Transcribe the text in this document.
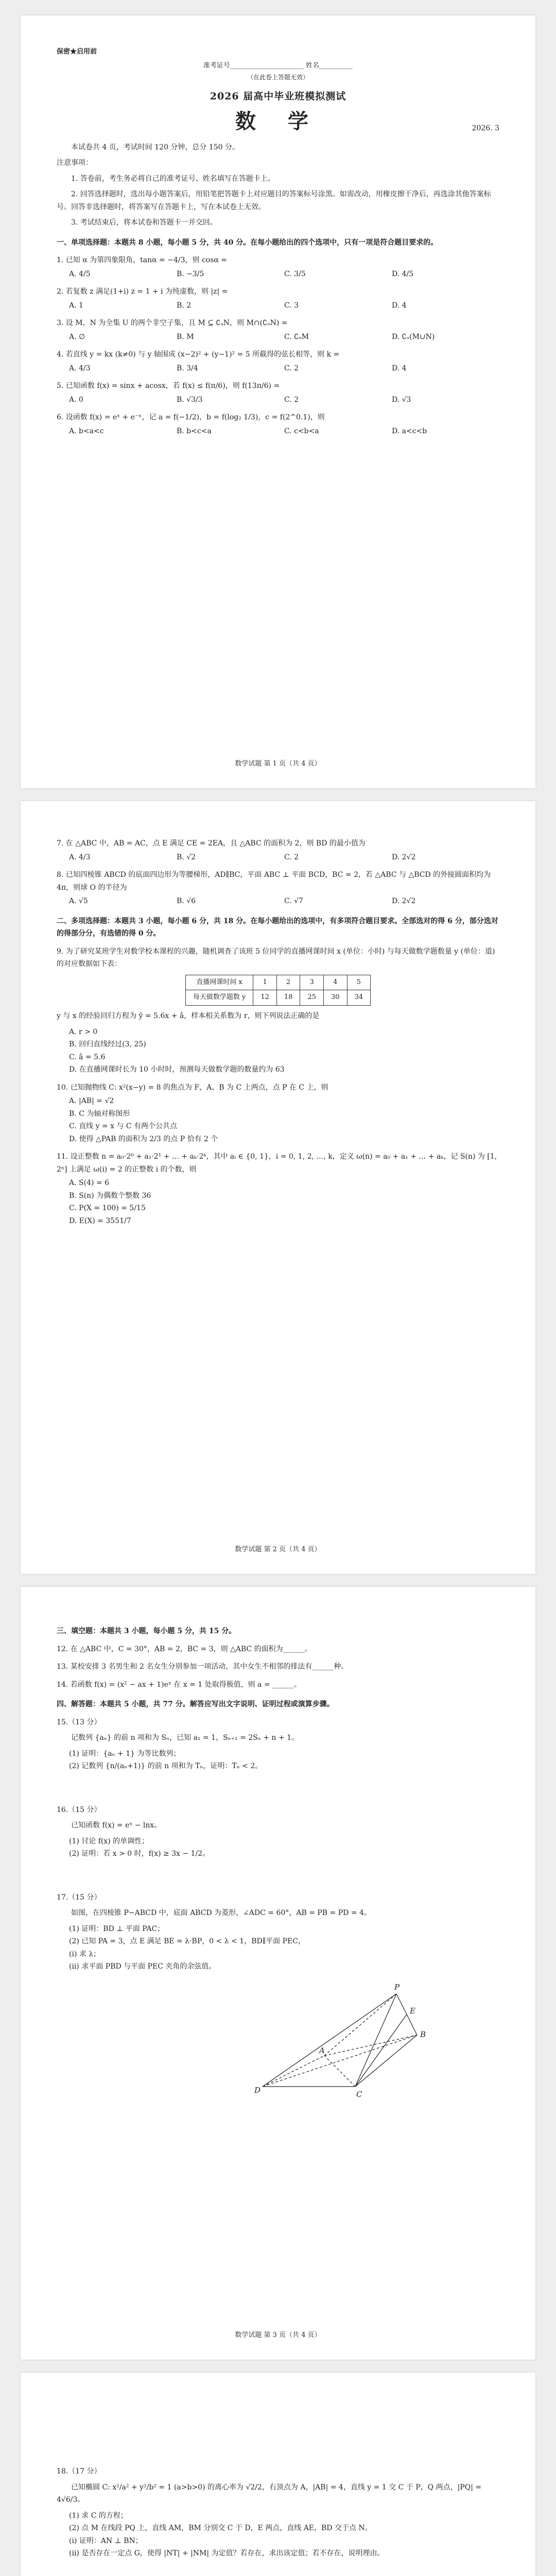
保密★启用前
准考证号______________________ 姓名__________
（在此卷上答题无效）
2026 届高中毕业班模拟测试
数 学	2026. 3
本试卷共 4 页，考试时间 120 分钟，总分 150 分。
注意事项：
1. 答卷前，考生务必将自己的准考证号、姓名填写在答题卡上。
2. 回答选择题时，选出每小题答案后，用铅笔把答题卡上对应题目的答案标号涂黑。如需改动，用橡皮擦干净后，再选涂其他答案标号。回答非选择题时，将答案写在答题卡上，写在本试卷上无效。
3. 考试结束后，将本试卷和答题卡一并交回。
一、单项选择题：本题共 8 小题，每小题 5 分，共 40 分。在每小题给出的四个选项中，只有一项是符合题目要求的。
1. 已知 α 为第四象限角，tanα = −4/3，则 cosα =
A. 4/5	B. −3/5	C. 3/5	D. 4/5
2. 若复数 z 满足(1+i) z = 1 + i 为纯虚数，则 |z| =
A. 1	B. 2	C. 3	D. 4
3. 设 M，N 为全集 U 的两个非空子集，且 M ⊆ ∁ᵤN，则 M∩(∁ᵤN) =
A. ∅	B. M	C. ∁ᵤM	D. ∁ᵤ(M∪N)
4. 若直线 y = kx (k≠0) 与 y 轴围成 (x−2)² + (y−1)² = 5 所截得的弦长相等，则 k =
A. 4/3	B. 3/4	C. 2	D. 4
5. 已知函数 f(x) = sinx + acosx，若 f(x) ≤ f(π/6)，则 f(13π/6) =
A. 0	B. √3/3	C. 2	D. √3
6. 设函数 f(x) = eˣ + e⁻ˣ，记 a = f(−1/2)，b = f(log₂ 1/3)，c = f(2^0.1)，则
A. b<a<c	B. b<c<a	C. c<b<a	D. a<c<b
数学试题 第 1 页（共 4 页）
7. 在 △ABC 中，AB = AC，点 E 满足 CE = 2EA，且 △ABC 的面积为 2，则 BD 的最小值为
A. 4/3	B. √2	C. 2	D. 2√2
8. 已知四棱锥 ABCD 的底面四边形为等腰梯形，AD∥BC，平面 ABC ⊥ 平面 BCD，BC = 2，若 △ABC 与 △BCD 的外接圆面积均为 4π，则球 O 的半径为
A. √5	B. √6	C. √7	D. 2√2
二、多项选择题：本题共 3 小题，每小题 6 分，共 18 分。在每小题给出的选项中，有多项符合题目要求。全部选对的得 6 分，部分选对的得部分分，有选错的得 0 分。
9. 为了研究某班学生对数学校本课程的兴趣，随机调查了该班 5 位同学的直播网课时间 x (单位：小时) 与每天做数学题数量 y (单位：道) 的对应数据如下表：
直播网课时间 x	1	2	3	4	5
每天做数学题数 y	12	18	25	30	34
y 与 x 的经验回归方程为 ŷ = 5.6x + â，样本相关系数为 r，则下列说法正确的是
A. r > 0
B. 回归直线经过(3, 25)
C. â = 5.6
D. 在直播网课时长为 10 小时时，预测每天做数学题的数量约为 63
10. 已知抛物线 C: x²(x−y) = 8 的焦点为 F，A、B 为 C 上两点，点 P 在 C 上，则
A. |AB| = √2
B. C 为轴对称图形
C. 直线 y = x 与 C 有两个公共点
D. 使得 △PAB 的面积为 2/3 的点 P 恰有 2 个
11. 设正整数 n = a₀·2⁰ + a₁·2¹ + … + aₖ·2ᵏ，其中 aᵢ ∈ {0, 1}，i = 0, 1, 2, …, k，定义 ω(n) = a₀ + a₁ + … + aₖ，记 S(n) 为 [1, 2ⁿ] 上满足 ω(i) = 2 的正整数 i 的个数，则
A. S(4) = 6
B. S(n) 为偶数个整数 36
C. P(X = 100) = 5/15
D. E(X) = 3551/7
数学试题 第 2 页（共 4 页）
三、填空题：本题共 3 小题，每小题 5 分，共 15 分。
12. 在 △ABC 中，C = 30°，AB = 2，BC = 3，则 △ABC 的面积为______。
13. 某校安排 3 名男生和 2 名女生分别参加一项活动，其中女生不相邻的排法有______种。
14. 若函数 f(x) = (x² − ax + 1)eˣ 在 x = 1 处取得极值，则 a = ______。
四、解答题：本题共 5 小题，共 77 分。解答应写出文字说明、证明过程或演算步骤。
15.（13 分）
记数列 {aₙ} 的前 n 项和为 Sₙ，已知 a₁ = 1，Sₙ₊₁ = 2Sₙ + n + 1。
(1) 证明：{aₙ + 1} 为等比数列；
(2) 记数列 {n/(aₙ+1)} 的前 n 项和为 Tₙ，证明：Tₙ < 2。
16.（15 分）
已知函数 f(x) = eˣ − lnx。
(1) 讨论 f(x) 的单调性；
(2) 证明：若 x > 0 时，f(x) ≥ 3x − 1/2。
17.（15 分）
如图，在四棱锥 P−ABCD 中，底面 ABCD 为菱形，∠ADC = 60°，AB = PB = PD = 4。
(1) 证明：BD ⊥ 平面 PAC；
(2) 已知 PA = 3，点 E 满足 BE = λ·BP，0 < λ < 1，BD∥平面 PEC，
(i) 求 λ；
(ii) 求平面 PBD 与平面 PEC 夹角的余弦值。
P
A
B
C
D
E
数学试题 第 3 页（共 4 页）
18.（17 分）
已知椭圆 C: x²/a² + y²/b² = 1 (a>b>0) 的离心率为 √2/2，右顶点为 A，|AB| = 4，直线 y = 1 交 C 于 P，Q 两点，|PQ| = 4√6/3。
(1) 求 C 的方程；
(2) 点 M 在线段 PQ 上，直线 AM，BM 分别交 C 于 D，E 两点，直线 AE，BD 交于点 N。
(i) 证明：AN ⊥ BN；
(ii) 是否存在一定点 G，使得 |NT| + |NM| 为定值？若存在，求出该定值；若不存在，说明理由。
